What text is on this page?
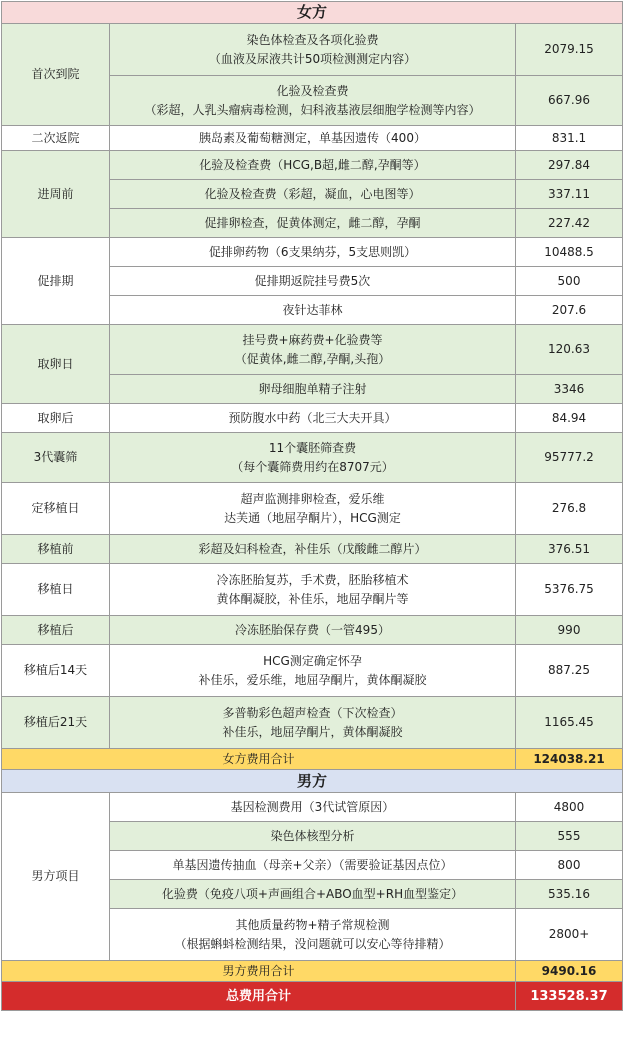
女方		
首次到院	染色体检查及各项化验费
（血液及尿液共计50项检测测定内容）	2079.15
	化验及检查费
（彩超，人乳头瘤病毒检测，妇科液基液层细胞学检测等内容）	667.96
二次返院	胰岛素及葡萄糖测定，单基因遗传（400）	831.1
进周前	化验及检查费（HCG,B超,雌二醇,孕酮等）	297.84
	化验及检查费（彩超，凝血，心电图等）	337.11
	促排卵检查，促黄体测定，雌二醇，孕酮	227.42
促排期	促排卵药物（6支果纳芬，5支思则凯）	10488.5
	促排期返院挂号费5次	500
	夜针达菲林	207.6
取卵日	挂号费+麻药费+化验费等
（促黄体,雌二醇,孕酮,头孢）	120.63
	卵母细胞单精子注射	3346
取卵后	预防腹水中药（北三大夫开具）	84.94
3代囊筛	11个囊胚筛查费
（每个囊筛费用约在8707元）	95777.2
定移植日	超声监测排卵检查，爱乐维
达芙通（地屈孕酮片），HCG测定	276.8
移植前	彩超及妇科检查，补佳乐（戊酸雌二醇片）	376.51
移植日	冷冻胚胎复苏，手术费，胚胎移植术
黄体酮凝胶，补佳乐，地屈孕酮片等	5376.75
移植后	冷冻胚胎保存费（一管495）	990
移植后14天	HCG测定确定怀孕
补佳乐，爱乐维，地屈孕酮片，黄体酮凝胶	887.25
移植后21天	多普勒彩色超声检查（下次检查）
补佳乐，地屈孕酮片，黄体酮凝胶	1165.45
女方费用合计		124038.21
男方		
男方项目	基因检测费用（3代试管原因）	4800
	染色体核型分析	555
	单基因遗传抽血（母亲+父亲）（需要验证基因点位）	800
	化验费（免疫八项+声画组合+ABO血型+RH血型鉴定）	535.16
	其他质量药物+精子常规检测
（根据蝌蚪检测结果，没问题就可以安心等待排精）	2800+
男方费用合计		9490.16
总费用合计		133528.37
@健康宝宝指南
